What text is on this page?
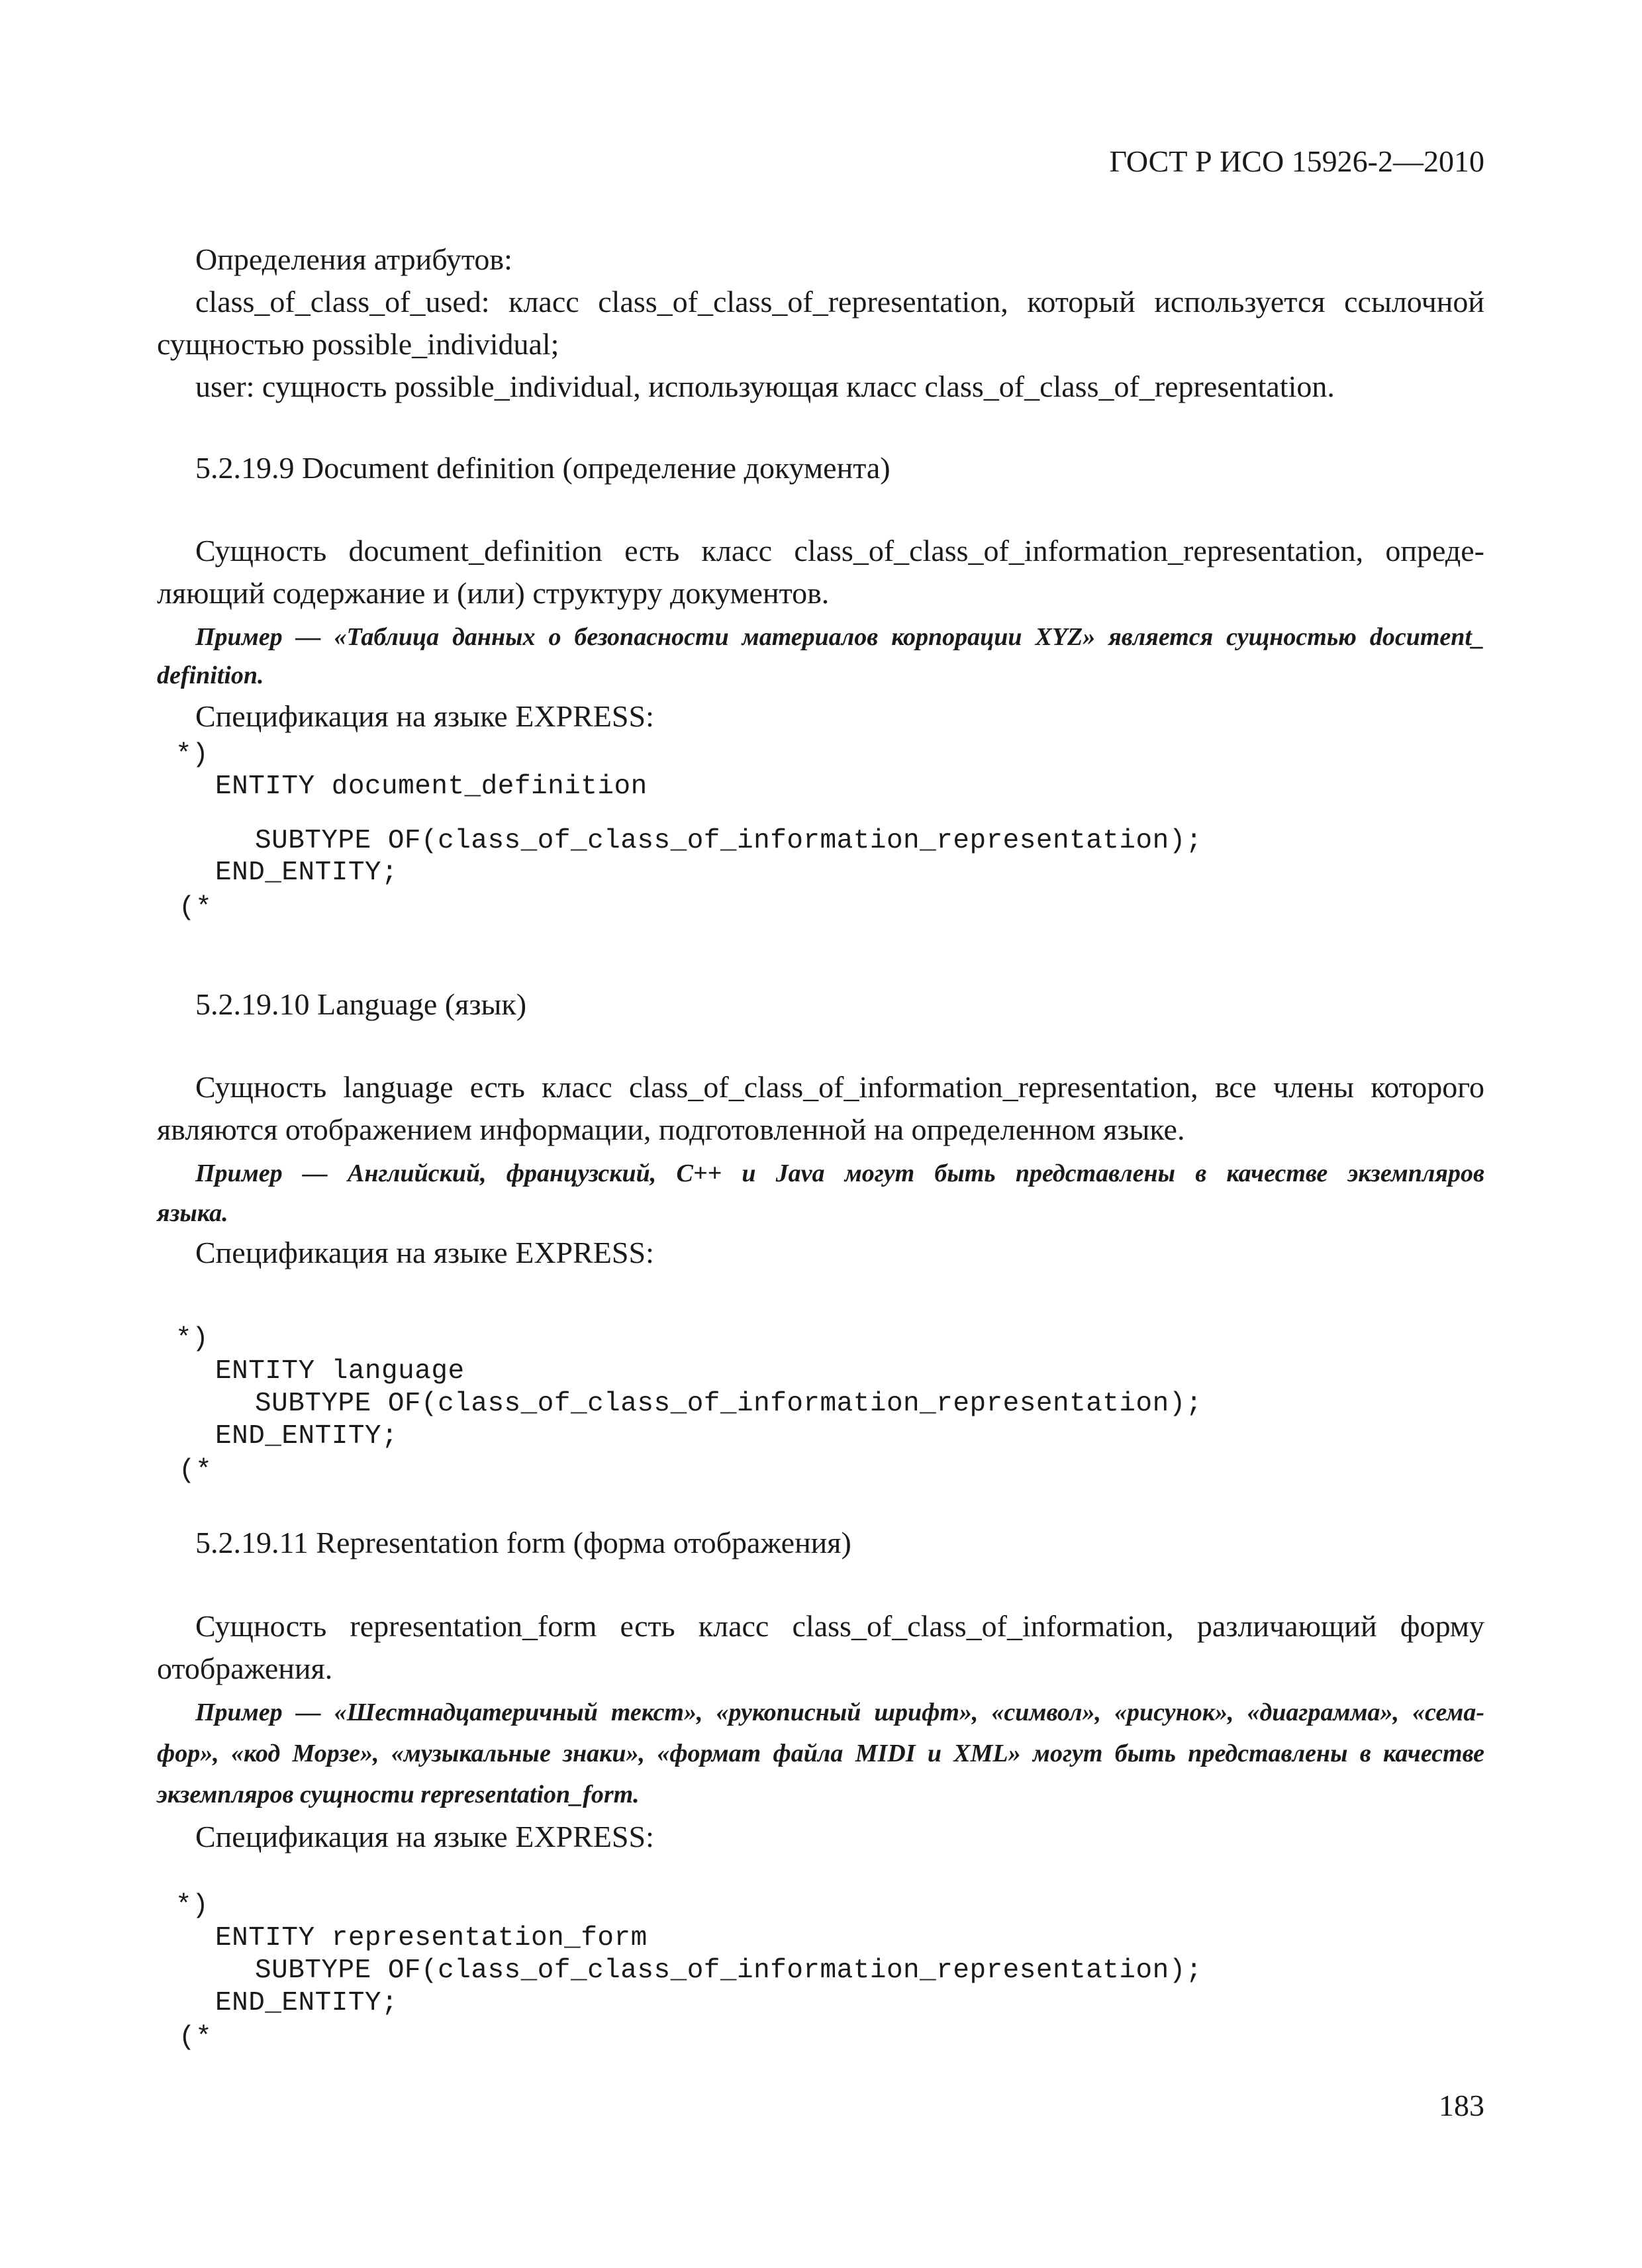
ГОСТ Р ИСО 15926-2—2010
Определения атрибутов:
class_of_class_of_used: класс class_of_class_of_representation, который используется ссылочной
сущностью possible_individual;
user: сущность possible_individual, использующая класс class_of_class_of_representation.
5.2.19.9 Document definition (определение документа)
Сущность document_definition есть класс class_of_class_of_information_representation, опреде-
ляющий содержание и (или) структуру документов.
Пример — «Таблица данных о безопасности материалов корпорации XYZ» является сущностью document_
definition.
Спецификация на языке EXPRESS:
*)
ENTITY document_definition
SUBTYPE OF(class_of_class_of_information_representation);
END_ENTITY;
(*
5.2.19.10 Language (язык)
Сущность language есть класс class_of_class_of_information_representation, все члены которого
являются отображением информации, подготовленной на определенном языке.
Пример — Английский, французский, С++ и Java могут быть представлены в качестве экземпляров
языка.
Спецификация на языке EXPRESS:
*)
ENTITY language
SUBTYPE OF(class_of_class_of_information_representation);
END_ENTITY;
(*
5.2.19.11 Representation form (форма отображения)
Сущность representation_form есть класс class_of_class_of_information, различающий форму
отображения.
Пример — «Шестнадцатеричный текст», «рукописный шрифт», «символ», «рисунок», «диаграмма», «сема-
фор», «код Морзе», «музыкальные знаки», «формат файла MIDI и XML» могут быть представлены в качестве
экземпляров сущности representation_form.
Спецификация на языке EXPRESS:
*)
ENTITY representation_form
SUBTYPE OF(class_of_class_of_information_representation);
END_ENTITY;
(*
183
